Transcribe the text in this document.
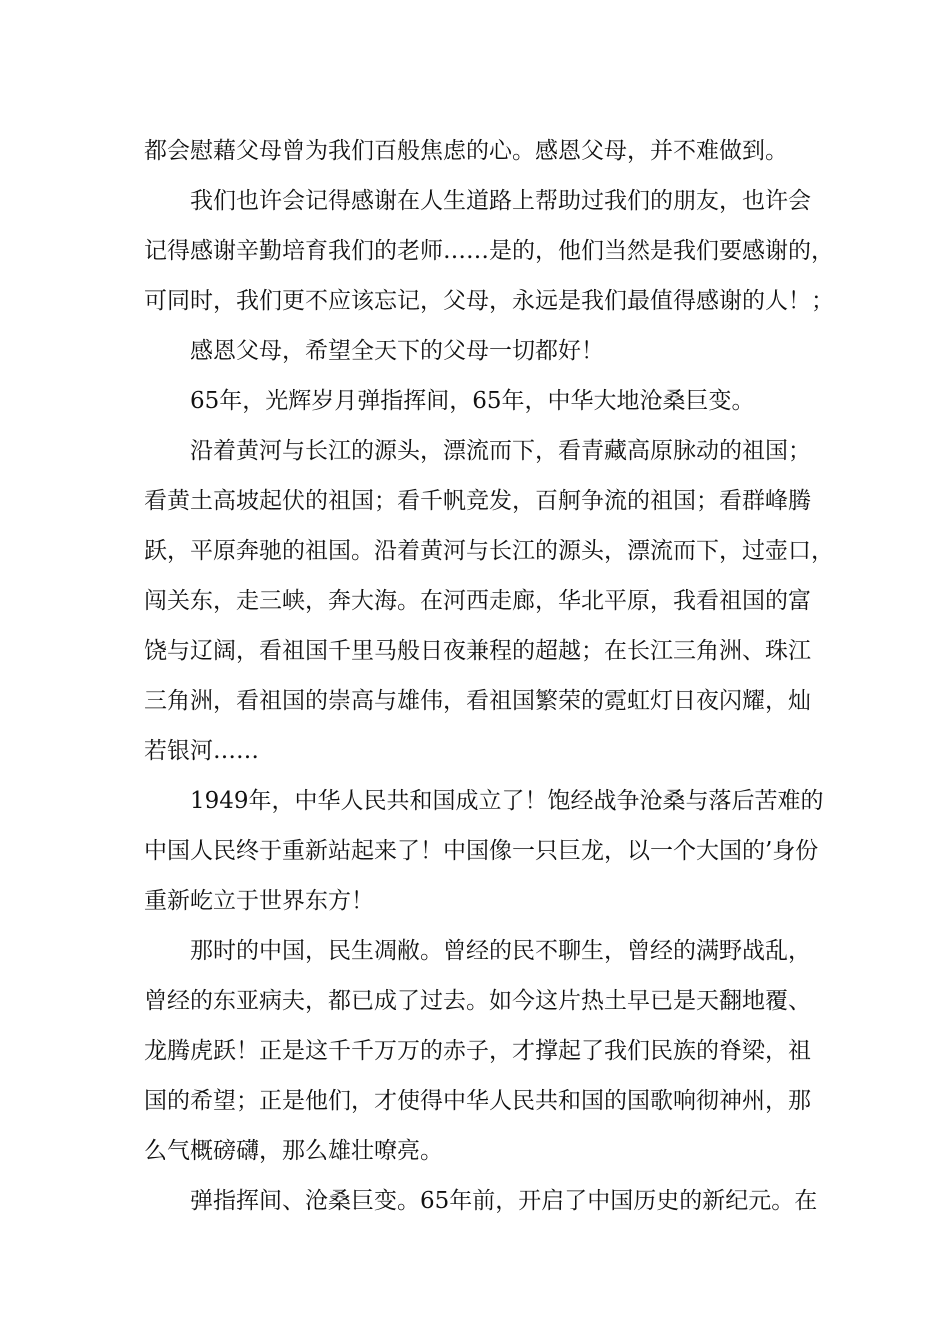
都会慰藉父母曾为我们百般焦虑的心。感恩父母，并不难做到。
我们也许会记得感谢在人生道路上帮助过我们的朋友，也许会
记得感谢辛勤培育我们的老师……是的，他们当然是我们要感谢的，
可同时，我们更不应该忘记，父母，永远是我们最值得感谢的人！；
感恩父母，希望全天下的父母一切都好！
65年，光辉岁月弹指挥间，65年，中华大地沧桑巨变。
沿着黄河与长江的源头，漂流而下，看青藏高原脉动的祖国；
看黄土高坡起伏的祖国；看千帆竞发，百舸争流的祖国；看群峰腾
跃，平原奔驰的祖国。沿着黄河与长江的源头，漂流而下，过壶口，
闯关东，走三峡，奔大海。在河西走廊，华北平原，我看祖国的富
饶与辽阔，看祖国千里马般日夜兼程的超越；在长江三角洲、珠江
三角洲，看祖国的崇高与雄伟，看祖国繁荣的霓虹灯日夜闪耀，灿
若银河……
1949年，中华人民共和国成立了！饱经战争沧桑与落后苦难的
中国人民终于重新站起来了！中国像一只巨龙，以一个大国的’身份
重新屹立于世界东方！
那时的中国，民生凋敝。曾经的民不聊生，曾经的满野战乱，
曾经的东亚病夫，都已成了过去。如今这片热土早已是天翻地覆、
龙腾虎跃！正是这千千万万的赤子，才撑起了我们民族的脊梁，祖
国的希望；正是他们，才使得中华人民共和国的国歌响彻神州，那
么气概磅礴，那么雄壮嘹亮。
弹指挥间、沧桑巨变。65年前，开启了中国历史的新纪元。在
